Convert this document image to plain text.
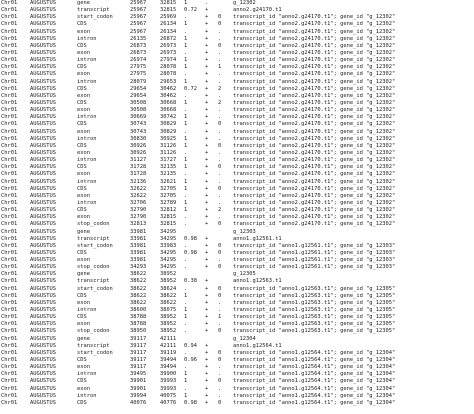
Chr01 AUGUSTUS	gene	25967	32815 1	.	g_12302
Chr01 AUGUSTUS	transcript	25967	32815 0.72 +	anno2.g24170.t1
Chr01 AUGUSTUS	start_codon	25967	25969 .	+ 0 transcript_id "anno2.g24170.t1"; gene_id "g_12302"
Chr01 AUGUSTUS	CDS	25967	26134 1	+ 0 transcript_id "anno2.g24170.t1"; gene_id "g_12302"
Chr01 AUGUSTUS	exon	25967	26134 .	+ . transcript_id "anno2.g24170.t1"; gene_id "g_12302"
Chr01 AUGUSTUS	intron	26135	26872 1	+ . transcript_id "anno2.g24170.t1"; gene_id "g_12302"
Chr01 AUGUSTUS	CDS	26873	26973 1	+ 0 transcript_id "anno2.g24170.t1"; gene_id "g_12302"
Chr01 AUGUSTUS	exon	26873	26973 .	+ . transcript_id "anno2.g24170.t1"; gene_id "g_12302"
Chr01 AUGUSTUS	intron	26974	27974 1	+ . transcript_id "anno2.g24170.t1"; gene_id "g_12302"
Chr01 AUGUSTUS	CDS	27975	28078 1	+ 1 transcript_id "anno2.g24170.t1"; gene_id "g_12302"
Chr01 AUGUSTUS	exon	27975	28078 .	+ . transcript_id "anno2.g24170.t1"; gene_id "g_12302"
Chr01 AUGUSTUS	intron	28079	29653 1	+ . transcript_id "anno2.g24170.t1"; gene_id "g_12302"
Chr01 AUGUSTUS	CDS	29654	30462 0.72 + 2 transcript_id "anno2.g24170.t1"; gene_id "g_12302"
Chr01 AUGUSTUS	exon	29654	30462 .	+ . transcript_id "anno2.g24170.t1"; gene_id "g_12302"
Chr01 AUGUSTUS	CDS	30508	30668 1	+ 2 transcript_id "anno2.g24170.t1"; gene_id "g_12302"
Chr01 AUGUSTUS	exon	30508	30668 .	+ . transcript_id "anno2.g24170.t1"; gene_id "g_12302"
Chr01 AUGUSTUS	intron	30669	30742 1	+ . transcript_id "anno2.g24170.t1"; gene_id "g_12302"
Chr01 AUGUSTUS	CDS	30743	30829 1	+ 0 transcript_id "anno2.g24170.t1"; gene_id "g_12302"
Chr01 AUGUSTUS	exon	30743	30829 .	+ . transcript_id "anno2.g24170.t1"; gene_id "g_12302"
Chr01 AUGUSTUS	intron	30830	30925 1	+ . transcript_id "anno2.g24170.t1"; gene_id "g_12302"
Chr01 AUGUSTUS	CDS	30926	31126 1	+ 0 transcript_id "anno2.g24170.t1"; gene_id "g_12302"
Chr01 AUGUSTUS	exon	30926	31126 .	+ . transcript_id "anno2.g24170.t1"; gene_id "g_12302"
Chr01 AUGUSTUS	intron	31127	31727 1	+ . transcript_id "anno2.g24170.t1"; gene_id "g_12302"
Chr01 AUGUSTUS	CDS	31728	32135 1	+ 0 transcript_id "anno2.g24170.t1"; gene_id "g_12302"
Chr01 AUGUSTUS	exon	31728	32135 .	+ . transcript_id "anno2.g24170.t1"; gene_id "g_12302"
Chr01 AUGUSTUS	intron	32136	32621 1	+ . transcript_id "anno2.g24170.t1"; gene_id "g_12302"
Chr01 AUGUSTUS	CDS	32622	32705 1	+ 0 transcript_id "anno2.g24170.t1"; gene_id "g_12302"
Chr01 AUGUSTUS	exon	32622	32705 .	+ . transcript_id "anno2.g24170.t1"; gene_id "g_12302"
Chr01 AUGUSTUS	intron	32706	32789 1	+ . transcript_id "anno2.g24170.t1"; gene_id "g_12302"
Chr01 AUGUSTUS	CDS	32790	32812 1	+ 2 transcript_id "anno2.g24170.t1"; gene_id "g_12302"
Chr01 AUGUSTUS	exon	32790	32815 .	+ . transcript_id "anno2.g24170.t1"; gene_id "g_12302"
Chr01 AUGUSTUS	stop_codon	32813	32815 .	+ 0 transcript_id "anno2.g24170.t1"; gene_id "g_12302"
Chr01 AUGUSTUS	gene	33981	34295	g_12303
Chr01 AUGUSTUS	transcript	33981	34295 0.98 +	anno1.g12561.t1
Chr01 AUGUSTUS	start_codon	33981	33983 .	+ 0 transcript_id "anno1.g12561.t1"; gene_id "g_12303"
Chr01 AUGUSTUS	CDS	33981	34295 0.98 + 0 transcript_id "anno1.g12561.t1"; gene_id "g_12303"
Chr01 AUGUSTUS	exon	33981	34295 .	+ . transcript_id "anno1.g12561.t1"; gene_id "g_12303"
Chr01 AUGUSTUS	stop_codon	34293	34295 .	+ 0 transcript_id "anno1.g12561.t1"; gene_id "g_12303"
Chr01 AUGUSTUS	gene	38622	38952	g_12305
Chr01 AUGUSTUS	transcript	38622	38952 0.38 +	anno1.g12563.t1
Chr01 AUGUSTUS	start_codon	38622	38624 .	+ 0 transcript_id "anno1.g12563.t1"; gene_id "g_12305"
Chr01 AUGUSTUS	CDS	38622	38622 1	+ 0 transcript_id "anno1.g12563.t1"; gene_id "g_12305"
Chr01 AUGUSTUS	exon	38622	38622 .	+ . transcript_id "anno1.g12563.t1"; gene_id "g_12305"
Chr01 AUGUSTUS	intron	38600	38075 1	+ . transcript_id "anno1.g12563.t1"; gene_id "g_12305"
Chr01 AUGUSTUS	CDS	38788	38952 1	+ 1 transcript_id "anno1.g12563.t1"; gene_id "g_12305"
Chr01 AUGUSTUS	exon	38788	38952 .	+ . transcript_id "anno1.g12563.t1"; gene_id "g_12305"
Chr01 AUGUSTUS	stop_codon	38950	38952 .	+ 0 transcript_id "anno1.g12563.t1"; gene_id "g_12305"
Chr01 AUGUSTUS	gene	39117	42111	g_12304
Chr01 AUGUSTUS	transcript	39117	42111 0.94 +	anno1.g12564.t1
Chr01 AUGUSTUS	start_codon	39117	39119 .	+ 0 transcript_id "anno1.g12564.t1"; gene_id "g_12304"
Chr01 AUGUSTUS	CDS	39117	39494 0.96 + 0 transcript_id "anno1.g12564.t1"; gene_id "g_12304"
Chr01 AUGUSTUS	exon	39117	39494 .	+ . transcript_id "anno1.g12564.t1"; gene_id "g_12304"
Chr01 AUGUSTUS	intron	39495	39900 1	+ . transcript_id "anno1.g12564.t1"; gene_id "g_12304"
Chr01 AUGUSTUS	CDS	39901	39993 1	+ 0 transcript_id "anno1.g12564.t1"; gene_id "g_12304"
Chr01 AUGUSTUS	exon	39901	39993 .	+ . transcript_id "anno1.g12564.t1"; gene_id "g_12304"
Chr01 AUGUSTUS	intron	39994	40075 1	+ . transcript_id "anno1.g12564.t1"; gene_id "g_12304"
Chr01 AUGUSTUS	CDS	40076	40776 0.98 + 0 transcript_id "anno1.g12564.t1"; gene_id "g_12304"
